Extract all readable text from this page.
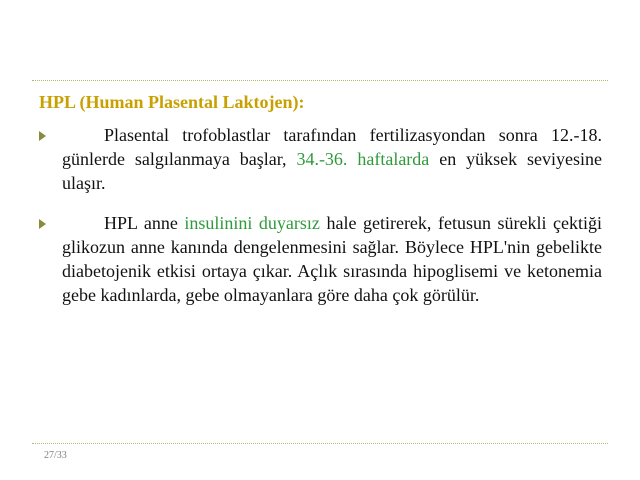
HPL (Human Plasental Laktojen):
Plasental trofoblastlar tarafından fertilizasyondan sonra 12.-18. günlerde salgılanmaya başlar, 34.-36. haftalarda en yüksek seviyesine ulaşır.
HPL anne insulinini duyarsız hale getirerek, fetusun sürekli çektiği glikozun anne kanında dengelenmesini sağlar. Böylece HPL'nin gebelikte diabetojenik etkisi ortaya çıkar. Açlık sırasında hipoglisemi ve ketonemia gebe kadınlarda, gebe olmayanlara göre daha çok görülür.
27/33
